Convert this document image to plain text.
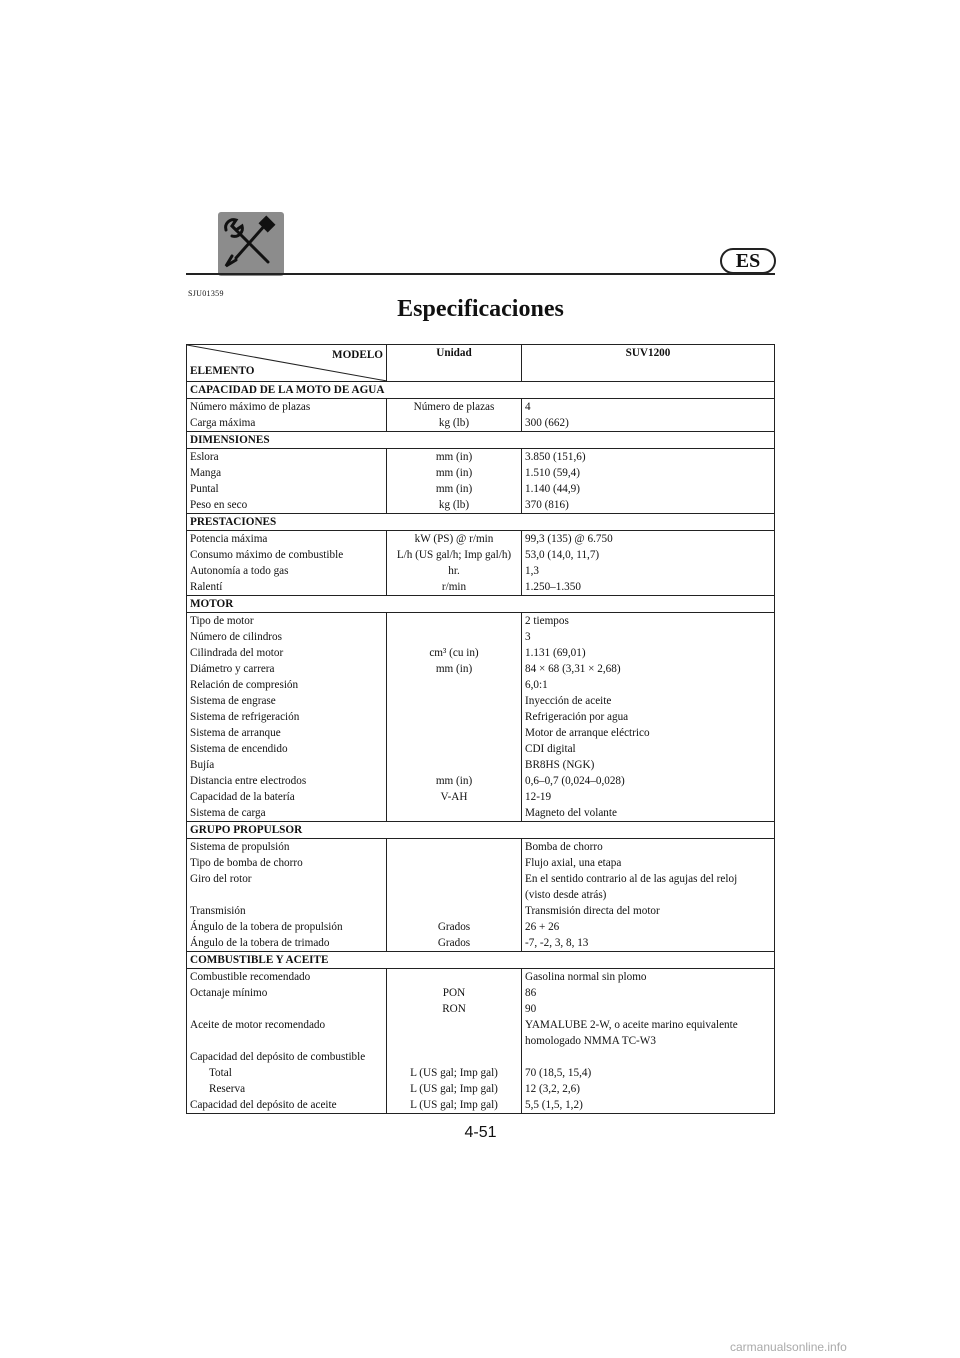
ES
SJU01359
Especificaciones
MODELO
ELEMENTO	Unidad	SUV1200
CAPACIDAD DE LA MOTO DE AGUA		
Número máximo de plazas	Número de plazas	4
Carga máxima	kg (lb)	300 (662)
DIMENSIONES		
Eslora	mm (in)	3.850 (151,6)
Manga	mm (in)	1.510 (59,4)
Puntal	mm (in)	1.140 (44,9)
Peso en seco	kg (lb)	370 (816)
PRESTACIONES		
Potencia máxima	kW (PS) @ r/min	99,3 (135) @ 6.750
Consumo máximo de combustible	L/h (US gal/h; Imp gal/h)	53,0 (14,0, 11,7)
Autonomía a todo gas	hr.	1,3
Ralentí	r/min	1.250–1.350
MOTOR		
Tipo de motor		2 tiempos
Número de cilindros		3
Cilindrada del motor	cm³ (cu in)	1.131 (69,01)
Diámetro y carrera	mm (in)	84 × 68 (3,31 × 2,68)
Relación de compresión		6,0:1
Sistema de engrase		Inyección de aceite
Sistema de refrigeración		Refrigeración por agua
Sistema de arranque		Motor de arranque eléctrico
Sistema de encendido		CDI digital
Bujía		BR8HS (NGK)
Distancia entre electrodos	mm (in)	0,6–0,7 (0,024–0,028)
Capacidad de la batería	V-AH	12-19
Sistema de carga		Magneto del volante
GRUPO PROPULSOR		
Sistema de propulsión		Bomba de chorro
Tipo de bomba de chorro		Flujo axial, una etapa
Giro del rotor		En el sentido contrario al de las agujas del reloj
		(visto desde atrás)
Transmisión		Transmisión directa del motor
Ángulo de la tobera de propulsión	Grados	26 + 26
Ángulo de la tobera de trimado	Grados	-7, -2, 3, 8, 13
COMBUSTIBLE Y ACEITE		
Combustible recomendado		Gasolina normal sin plomo
Octanaje mínimo	PON	86
	RON	90
Aceite de motor recomendado		YAMALUBE 2-W, o aceite marino equivalente
		homologado NMMA TC-W3
Capacidad del depósito de combustible		
Total	L (US gal; Imp gal)	70 (18,5, 15,4)
Reserva	L (US gal; Imp gal)	12 (3,2, 2,6)
Capacidad del depósito de aceite	L (US gal; Imp gal)	5,5 (1,5, 1,2)
4-51
carmanualsonline.info
